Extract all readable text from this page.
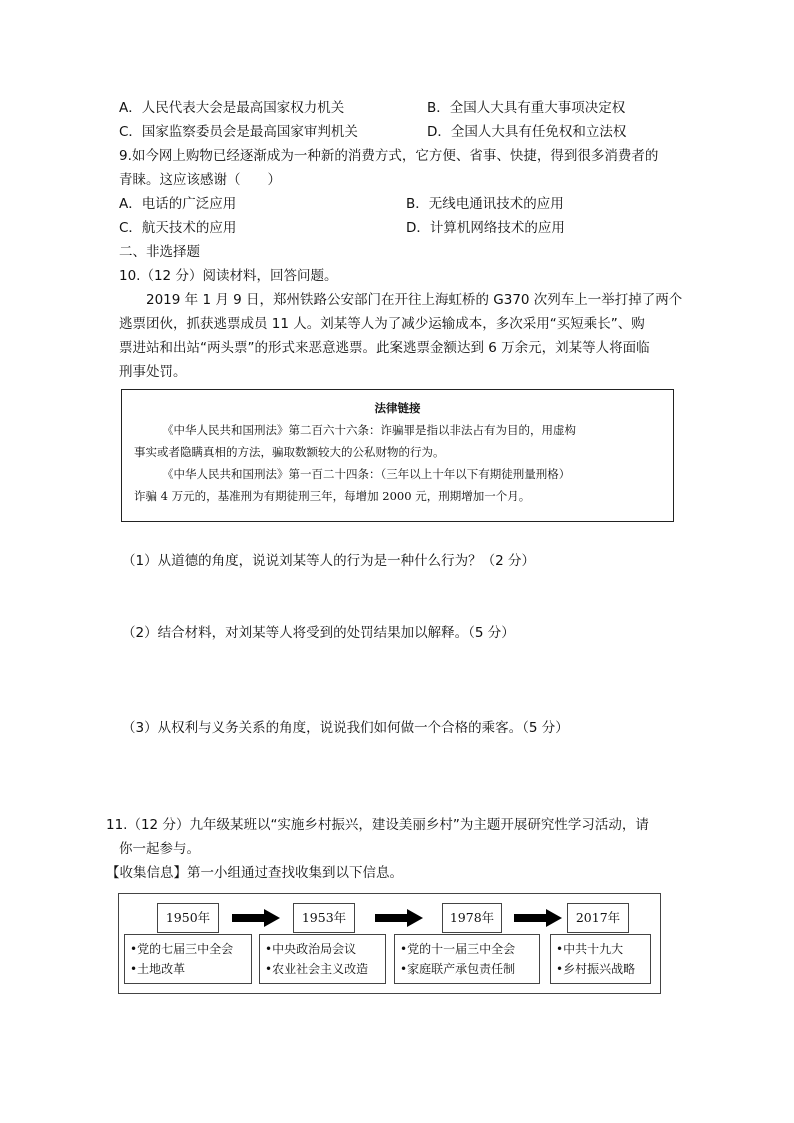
A．人民代表大会是最高国家权力机关	B．全国人大具有重大事项决定权
C．国家监察委员会是最高国家审判机关	D．全国人大具有任免权和立法权
9.如今网上购物已经逐渐成为一种新的消费方式，它方便、省事、快捷，得到很多消费者的
青睐。这应该感谢（　　）
A．电话的广泛应用	B．无线电通讯技术的应用
C．航天技术的应用	D．计算机网络技术的应用
二、非选择题
10.（12 分）阅读材料，回答问题。
2019 年 1 月 9 日，郑州铁路公安部门在开往上海虹桥的 G370 次列车上一举打掉了两个
逃票团伙，抓获逃票成员 11 人。刘某等人为了减少运输成本，多次采用“买短乘长”、购
票进站和出站“两头票”的形式来恶意逃票。此案逃票金额达到 6 万余元，刘某等人将面临
刑事处罚。
法律链接
《中华人民共和国刑法》第二百六十六条：诈骗罪是指以非法占有为目的，用虚构
事实或者隐瞒真相的方法，骗取数额较大的公私财物的行为。
《中华人民共和国刑法》第一百二十四条：（三年以上十年以下有期徒刑量刑格）
诈骗 4 万元的，基准刑为有期徒刑三年，每增加 2000 元，刑期增加一个月。
（1）从道德的角度，说说刘某等人的行为是一种什么行为？（2 分）
（2）结合材料，对刘某等人将受到的处罚结果加以解释。（5 分）
（3）从权利与义务关系的角度，说说我们如何做一个合格的乘客。（5 分）
11.（12 分）九年级某班以“实施乡村振兴，建设美丽乡村”为主题开展研究性学习活动，请
你一起参与。
【收集信息】第一小组通过查找收集到以下信息。
1950年	1953年	1978年	2017年
•党的七届三中全会
•土地改革
•中央政治局会议
•农业社会主义改造
•党的十一届三中全会
•家庭联产承包责任制
•中共十九大
•乡村振兴战略
